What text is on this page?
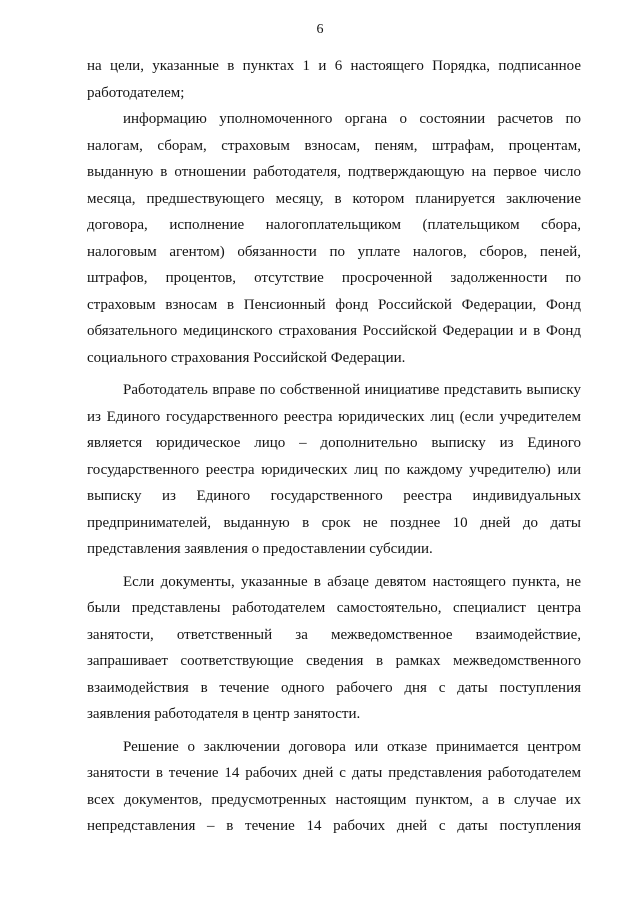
6

на цели, указанные в пунктах 1 и 6 настоящего Порядка, подписанное работодателем;

информацию уполномоченного органа о состоянии расчетов по налогам, сборам, страховым взносам, пеням, штрафам, процентам, выданную в отношении работодателя, подтверждающую на первое число месяца, предшествующего месяцу, в котором планируется заключение договора, исполнение налогоплательщиком (плательщиком сбора, налоговым агентом) обязанности по уплате налогов, сборов, пеней, штрафов, процентов, отсутствие просроченной задолженности по страховым взносам в Пенсионный фонд Российской Федерации, Фонд обязательного медицинского страхования Российской Федерации и в Фонд социального страхования Российской Федерации.

Работодатель вправе по собственной инициативе представить выписку из Единого государственного реестра юридических лиц (если учредителем является юридическое лицо – дополнительно выписку из Единого государственного реестра юридических лиц по каждому учредителю) или выписку из Единого государственного реестра индивидуальных предпринимателей, выданную в срок не позднее 10 дней до даты представления заявления о предоставлении субсидии.

Если документы, указанные в абзаце девятом настоящего пункта, не были представлены работодателем самостоятельно, специалист центра занятости, ответственный за межведомственное взаимодействие, запрашивает соответствующие сведения в рамках межведомственного взаимодействия в течение одного рабочего дня с даты поступления заявления работодателя в центр занятости.

Решение о заключении договора или отказе принимается центром занятости в течение 14 рабочих дней с даты представления работодателем всех документов, предусмотренных настоящим пунктом, а в случае их непредставления – в течение 14 рабочих дней с даты поступления
